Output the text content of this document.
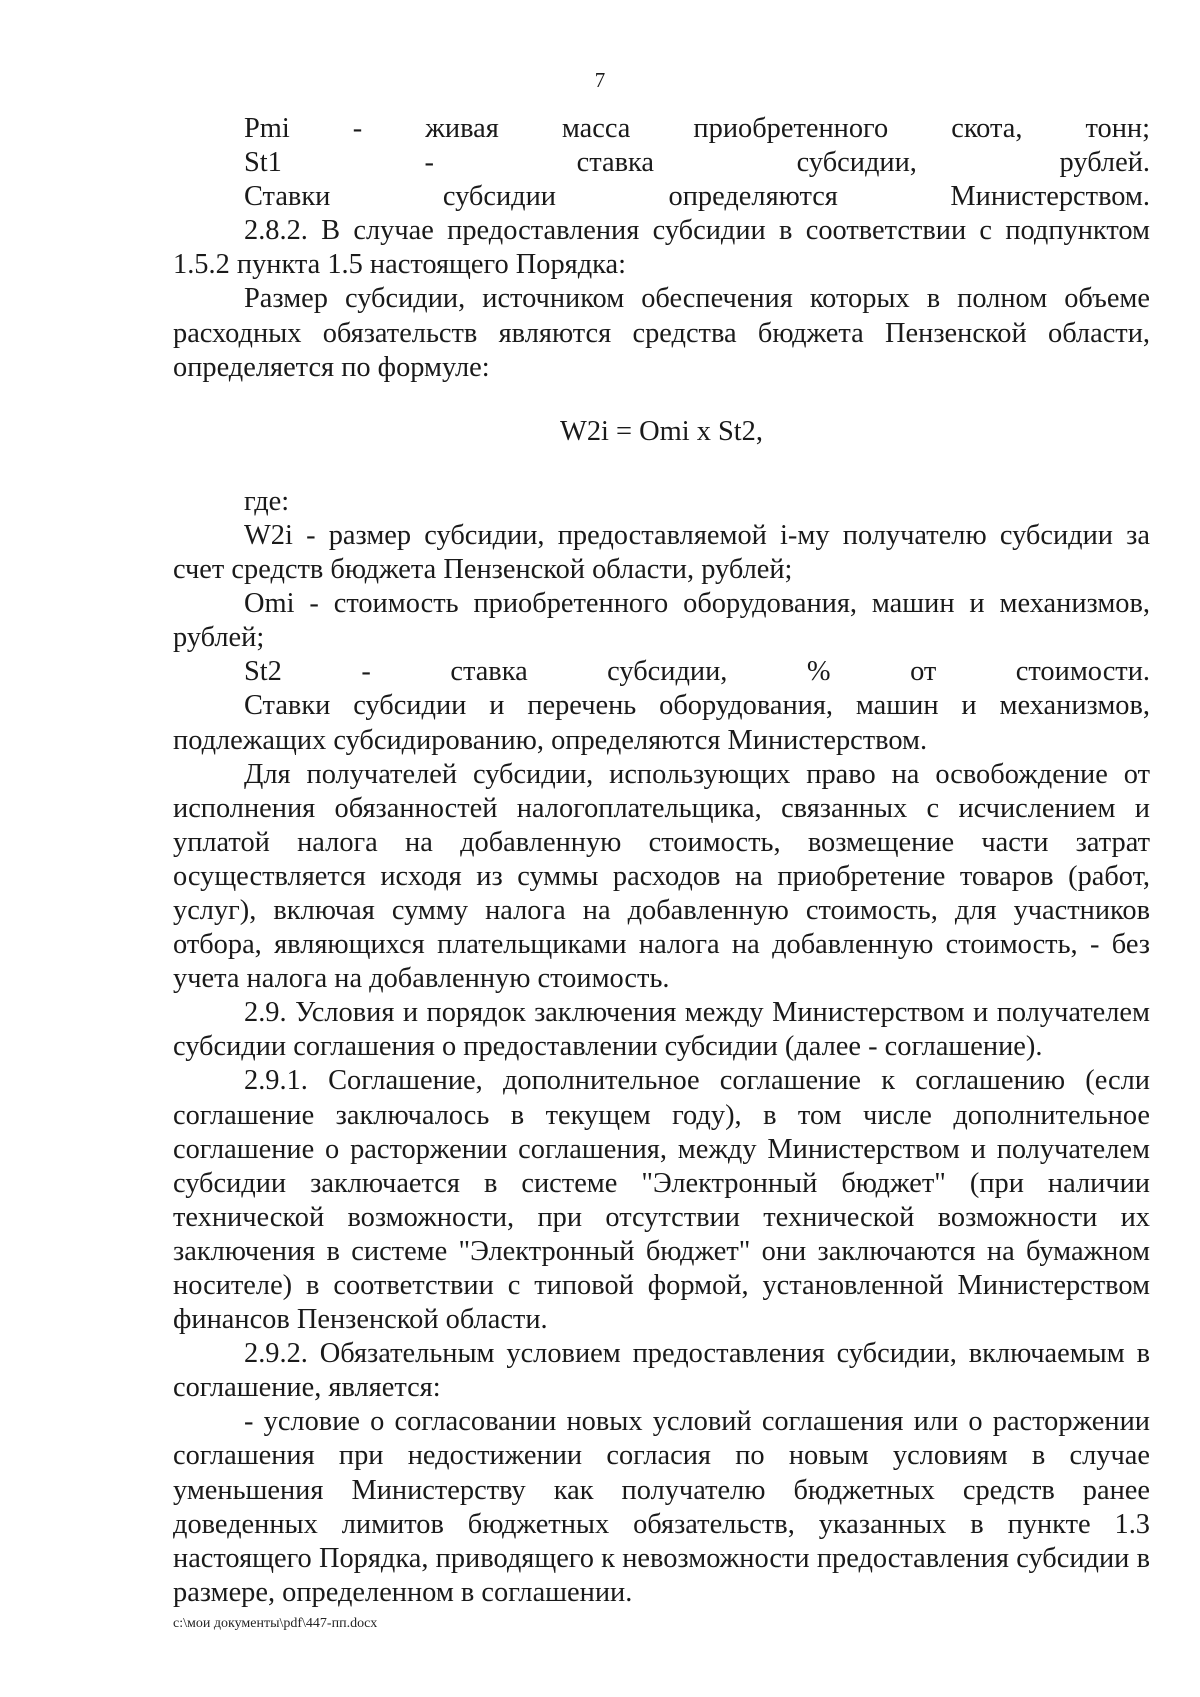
7

Pmi - живая масса приобретенного скота, тонн;

St1 - ставка субсидии, рублей.

Ставки субсидии определяются Министерством.

2.8.2. В случае предоставления субсидии в соответствии с подпунктом 1.5.2 пункта 1.5 настоящего Порядка:

Размер субсидии, источником обеспечения которых в полном объеме расходных обязательств являются средства бюджета Пензенской области, определяется по формуле:

W2i = Omi x St2,

где:

W2i - размер субсидии, предоставляемой i-му получателю субсидии за счет средств бюджета Пензенской области, рублей;

Omi - стоимость приобретенного оборудования, машин и механизмов, рублей;

St2 - ставка субсидии, % от стоимости.

Ставки субсидии и перечень оборудования, машин и механизмов, подлежащих субсидированию, определяются Министерством.

Для получателей субсидии, использующих право на освобождение от исполнения обязанностей налогоплательщика, связанных с исчислением и уплатой налога на добавленную стоимость, возмещение части затрат осуществляется исходя из суммы расходов на приобретение товаров (работ, услуг), включая сумму налога на добавленную стоимость, для участников отбора, являющихся плательщиками налога на добавленную стоимость, - без учета налога на добавленную стоимость.

2.9. Условия и порядок заключения между Министерством и получателем субсидии соглашения о предоставлении субсидии (далее - соглашение).

2.9.1. Соглашение, дополнительное соглашение к соглашению (если соглашение заключалось в текущем году), в том числе дополнительное соглашение о расторжении соглашения, между Министерством и получателем субсидии заключается в системе "Электронный бюджет" (при наличии технической возможности, при отсутствии технической возможности их заключения в системе "Электронный бюджет" они заключаются на бумажном носителе) в соответствии с типовой формой, установленной Министерством финансов Пензенской области.

2.9.2. Обязательным условием предоставления субсидии, включаемым в соглашение, является:

- условие о согласовании новых условий соглашения или о расторжении соглашения при недостижении согласия по новым условиям в случае уменьшения Министерству как получателю бюджетных средств ранее доведенных лимитов бюджетных обязательств, указанных в пункте 1.3 настоящего Порядка, приводящего к невозможности предоставления субсидии в размере, определенном в соглашении.

c:\мои документы\pdf\447-пп.docx
